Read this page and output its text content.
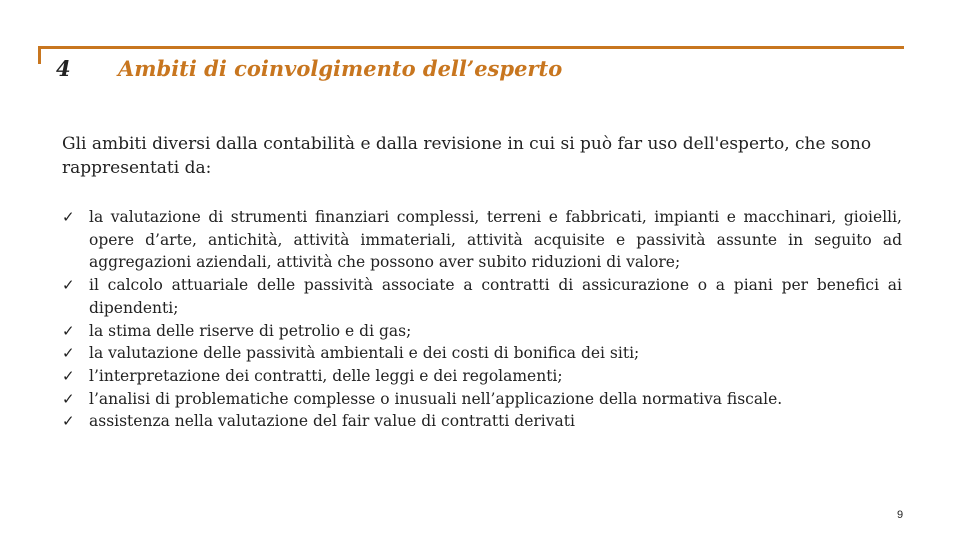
4 Ambiti di coinvolgimento dell’esperto
Gli ambiti diversi dalla contabilità e dalla revisione in cui si può far uso dell'esperto, che sono rappresentati da:
✓ la valutazione di strumenti finanziari complessi, terreni e fabbricati, impianti e macchinari, gioielli, opere d’arte, antichità, attività immateriali, attività acquisite e passività assunte in seguito ad aggregazioni aziendali, attività che possono aver subito riduzioni di valore;
✓ il calcolo attuariale delle passività associate a contratti di assicurazione o a piani per benefici ai dipendenti;
✓ la stima delle riserve di petrolio e di gas;
✓ la valutazione delle passività ambientali e dei costi di bonifica dei siti;
✓ l’interpretazione dei contratti, delle leggi e dei regolamenti;
✓ l’analisi di problematiche complesse o inusuali nell’applicazione della normativa fiscale.
✓ assistenza nella valutazione del fair value di contratti derivati
9
